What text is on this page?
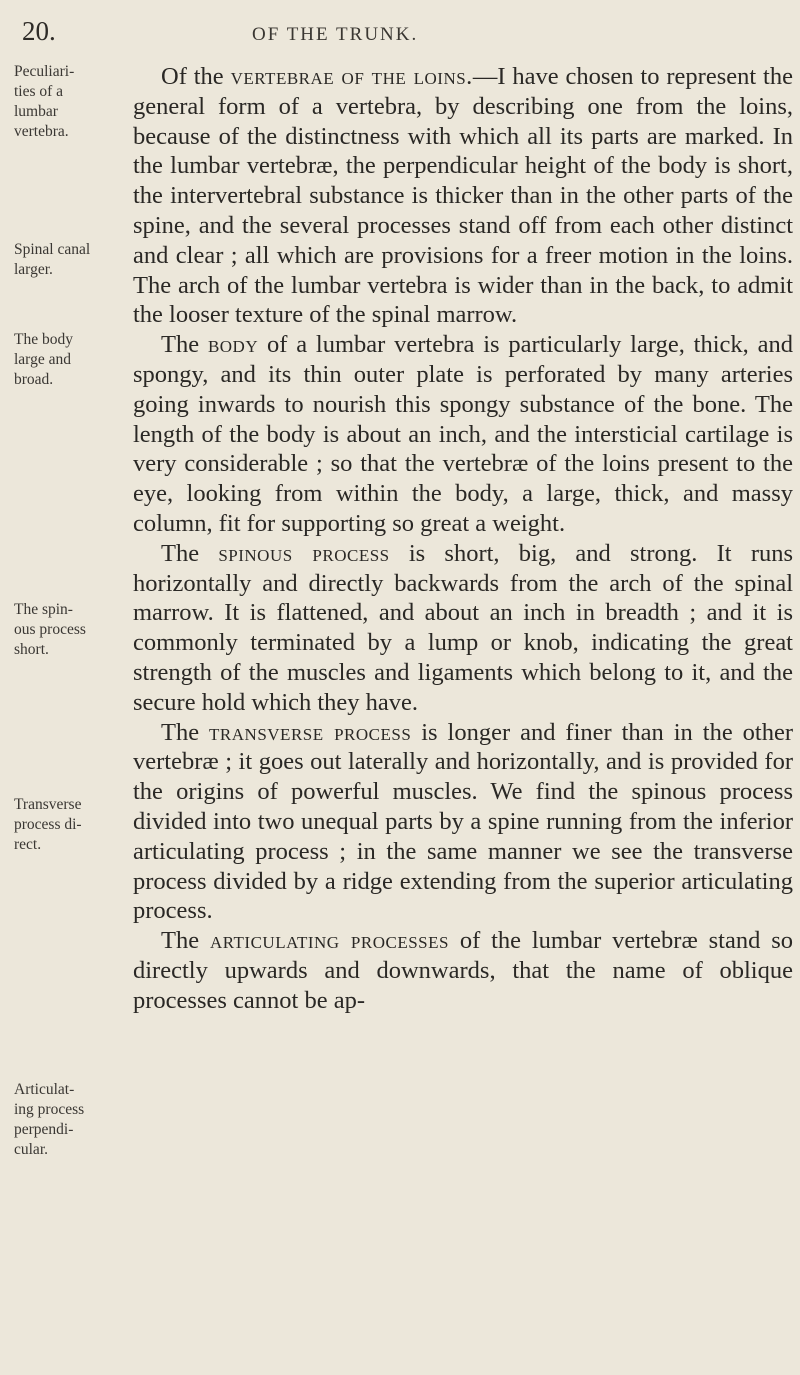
20.	OF THE TRUNK.
Peculiari-
ties of a
lumbar
vertebra.
Spinal canal
larger.
The body
large and
broad.
The spin-
ous process
short.
Transverse
process di-
rect.
Articulat-
ing process
perpendi-
cular.

Of the vertebrae of the loins.—I have chosen to represent the general form of a vertebra, by describing one from the loins, because of the distinctness with which all its parts are marked. In the lumbar vertebræ, the perpendicular height of the body is short, the intervertebral substance is thicker than in the other parts of the spine, and the several processes stand off from each other distinct and clear ; all which are provisions for a freer motion in the loins. The arch of the lumbar vertebra is wider than in the back, to admit the looser texture of the spinal marrow.

The body of a lumbar vertebra is particularly large, thick, and spongy, and its thin outer plate is perforated by many arteries going inwards to nourish this spongy substance of the bone. The length of the body is about an inch, and the intersticial cartilage is very considerable ; so that the vertebræ of the loins present to the eye, looking from within the body, a large, thick, and massy column, fit for supporting so great a weight.

The spinous process is short, big, and strong. It runs horizontally and directly backwards from the arch of the spinal marrow. It is flattened, and about an inch in breadth ; and it is commonly terminated by a lump or knob, indicating the great strength of the muscles and ligaments which belong to it, and the secure hold which they have.

The transverse process is longer and finer than in the other vertebræ ; it goes out laterally and horizontally, and is provided for the origins of powerful muscles. We find the spinous process divided into two unequal parts by a spine running from the inferior articulating process ; in the same manner we see the transverse process divided by a ridge extending from the superior articulating process.

The articulating processes of the lumbar vertebræ stand so directly upwards and downwards, that the name of oblique processes cannot be ap-
